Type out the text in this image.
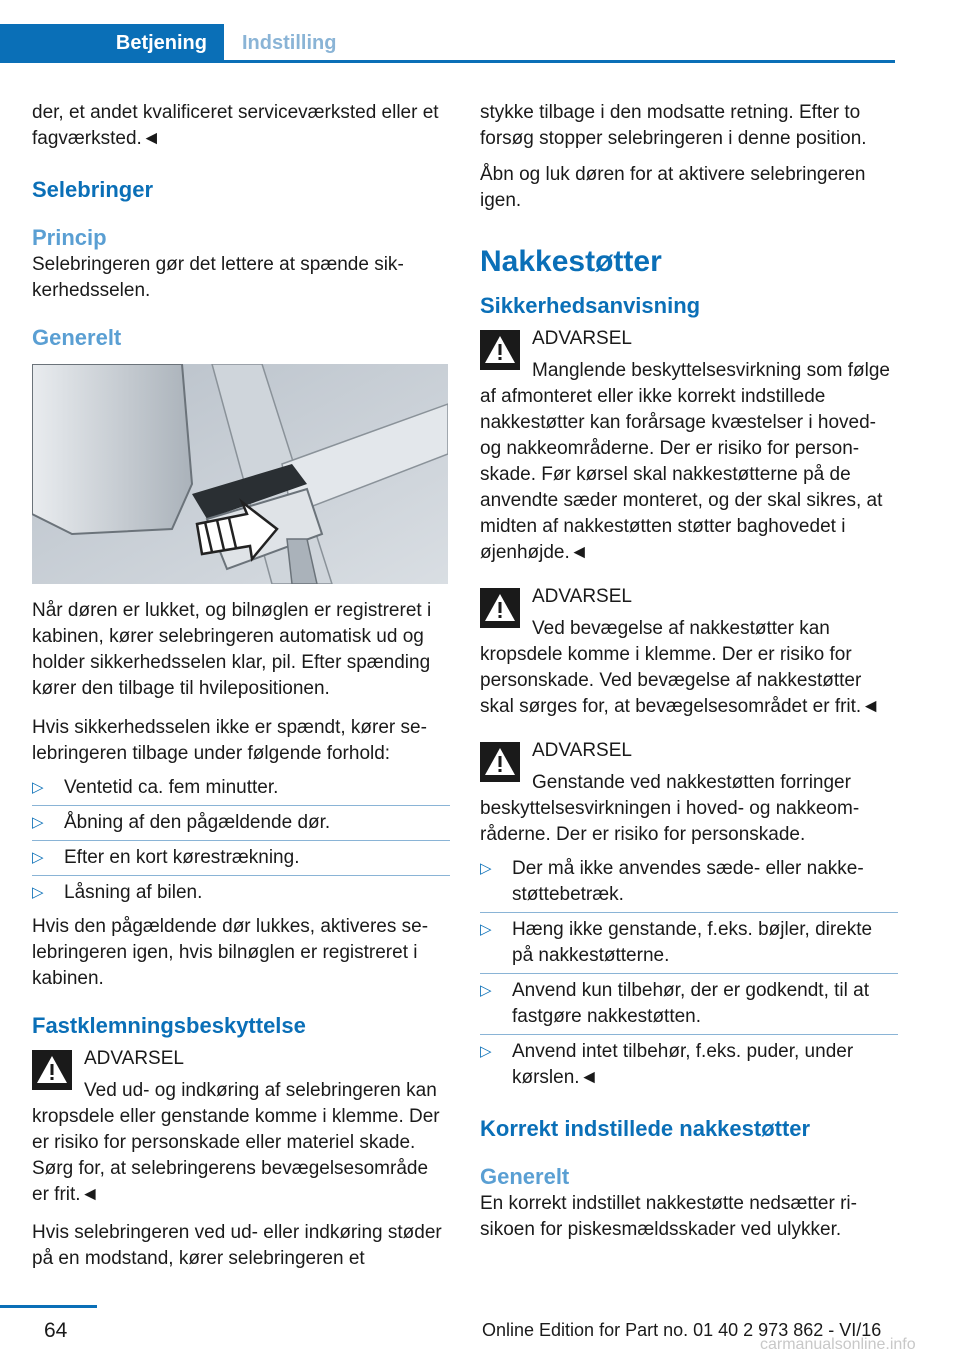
Betjening	Indstilling

der, et andet kvalificeret serviceværksted eller et fagværksted.◄

Selebringer
Princip

Selebringeren gør det lettere at spænde sikkerhedsselen.

Generelt

Når døren er lukket, og bilnøglen er registreret i kabinen, kører selebringeren automatisk ud og holder sikkerhedsselen klar, pil. Efter spænding kører den tilbage til hvilepositionen.

Hvis sikkerhedsselen ikke er spændt, kører selebringeren tilbage under følgende forhold:

▷ Ventetid ca. fem minutter.
▷ Åbning af den pågældende dør.
▷ Efter en kort kørestrækning.
▷ Låsning af bilen.

Hvis den pågældende dør lukkes, aktiveres selebringeren igen, hvis bilnøglen er registreret i kabinen.

Fastklemningsbeskyttelse
ADVARSEL

Ved ud- og indkøring af selebringeren kan kropsdele eller genstande komme i klemme. Der er risiko for personskade eller materiel skade. Sørg for, at selebringerens bevægelsesområde er frit.◄

Hvis selebringeren ved ud- eller indkøring støder på en modstand, kører selebringeren et

stykke tilbage i den modsatte retning. Efter to forsøg stopper selebringeren i denne position.

Åbn og luk døren for at aktivere selebringeren igen.

Nakkestøtter
Sikkerhedsanvisning
ADVARSEL

Manglende beskyttelsesvirkning som følge af afmonteret eller ikke korrekt indstillede nakkestøtter kan forårsage kvæstelser i hoved- og nakkeområderne. Der er risiko for personskade. Før kørsel skal nakkestøtterne på de anvendte sæder monteret, og der skal sikres, at midten af nakkestøtten støtter baghovedet i øjenhøjde.◄

ADVARSEL

Ved bevægelse af nakkestøtter kan kropsdele komme i klemme. Der er risiko for personskade. Ved bevægelse af nakkestøtter skal sørges for, at bevægelsesområdet er frit.◄

ADVARSEL

Genstande ved nakkestøtten forringer beskyttelsesvirkningen i hoved- og nakkeområderne. Der er risiko for personskade.

▷ Der må ikke anvendes sæde- eller nakkestøttebetræk.
▷ Hæng ikke genstande, f.eks. bøjler, direkte på nakkestøtterne.
▷ Anvend kun tilbehør, der er godkendt, til at fastgøre nakkestøtten.
▷ Anvend intet tilbehør, f.eks. puder, under kørslen.◄
Korrekt indstillede nakkestøtter
Generelt

En korrekt indstillet nakkestøtte nedsætter risikoen for piskesmældsskader ved ulykker.

64	Online Edition for Part no. 01 40 2 973 862 - VI/16
carmanualsonline.info
